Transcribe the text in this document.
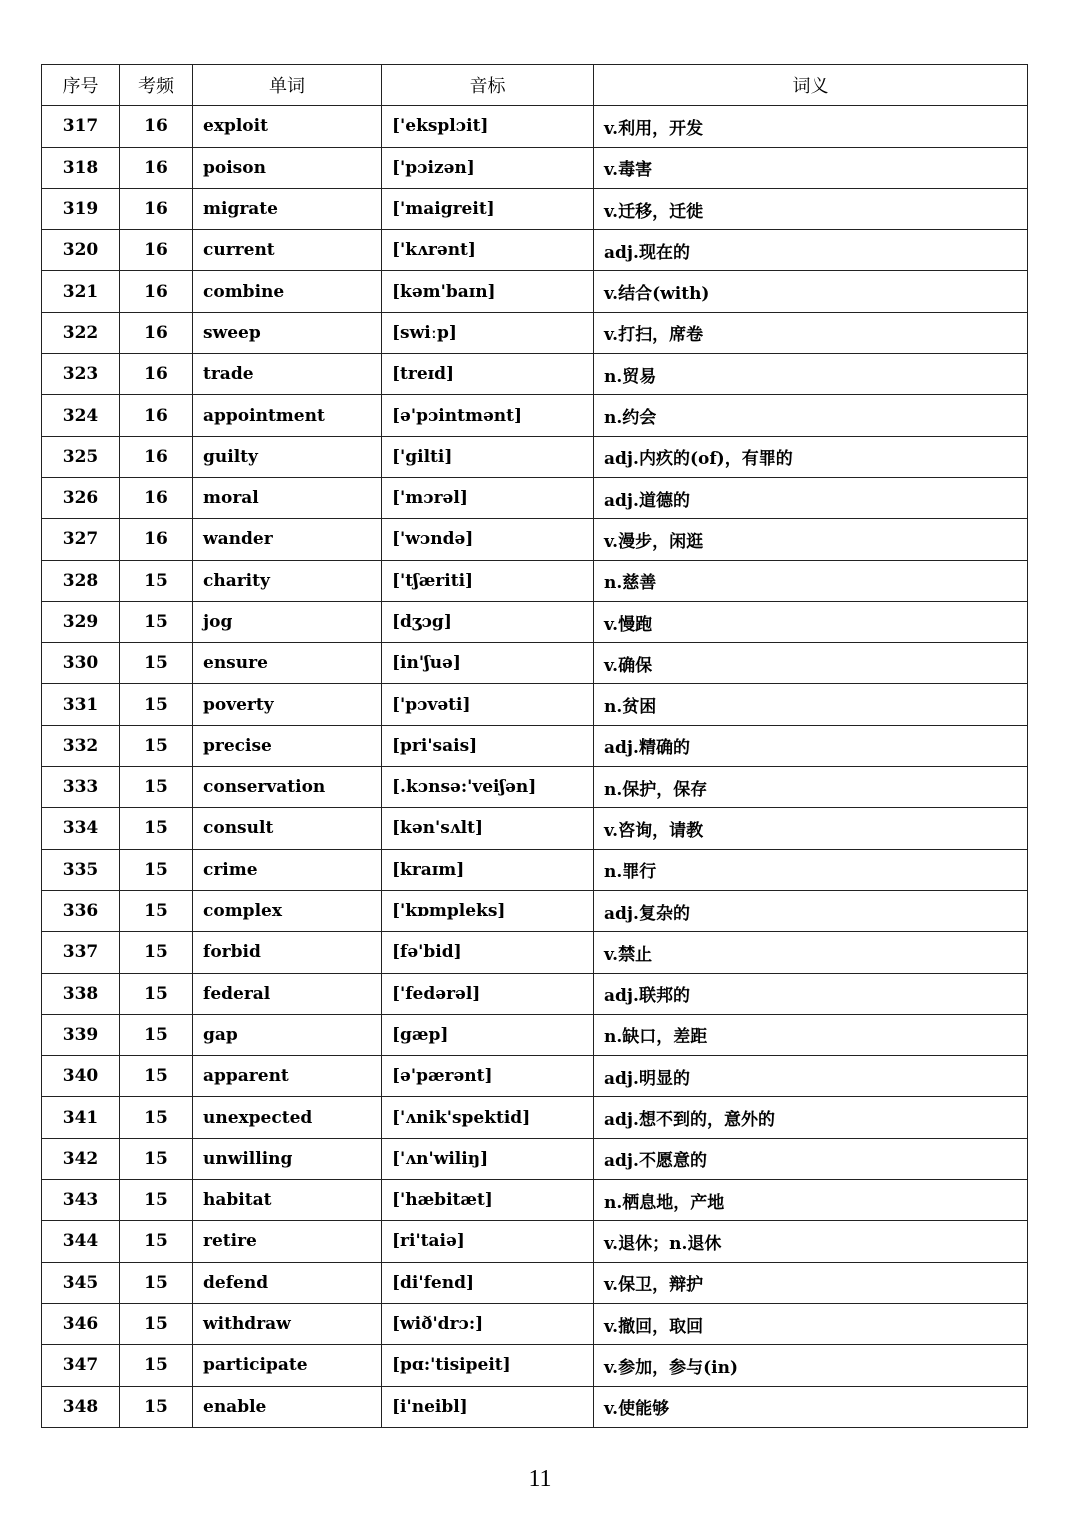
序号	考频	单词	音标	词义
317	16	exploit	['eksplɔit]	v.利用，开发
318	16	poison	['pɔizən]	v.毒害
319	16	migrate	['maigreit]	v.迁移，迁徙
320	16	current	['kʌrənt]	adj.现在的
321	16	combine	[kəm'baɪn]	v.结合(with)
322	16	sweep	[swiːp]	v.打扫，席卷
323	16	trade	[treɪd]	n.贸易
324	16	appointment	[ə'pɔintmənt]	n.约会
325	16	guilty	['gilti]	adj.内疚的(of)，有罪的
326	16	moral	['mɔrəl]	adj.道德的
327	16	wander	['wɔndə]	v.漫步，闲逛
328	15	charity	['tʃæriti]	n.慈善
329	15	jog	[dʒɔg]	v.慢跑
330	15	ensure	[in'ʃuə]	v.确保
331	15	poverty	['pɔvəti]	n.贫困
332	15	precise	[pri'sais]	adj.精确的
333	15	conservation	[.kɔnsə:'veiʃən]	n.保护，保存
334	15	consult	[kən'sʌlt]	v.咨询，请教
335	15	crime	[kraɪm]	n.罪行
336	15	complex	['kɒmpleks]	adj.复杂的
337	15	forbid	[fə'bid]	v.禁止
338	15	federal	['fedərəl]	adj.联邦的
339	15	gap	[gæp]	n.缺口，差距
340	15	apparent	[ə'pærənt]	adj.明显的
341	15	unexpected	['ʌnik'spektid]	adj.想不到的，意外的
342	15	unwilling	['ʌn'wiliŋ]	adj.不愿意的
343	15	habitat	['hæbitæt]	n.栖息地，产地
344	15	retire	[ri'taiə]	v.退休；n.退休
345	15	defend	[di'fend]	v.保卫，辩护
346	15	withdraw	[wið'drɔ:]	v.撤回，取回
347	15	participate	[pɑ:'tisipeit]	v.参加，参与(in)
348	15	enable	[i'neibl]	v.使能够
11
